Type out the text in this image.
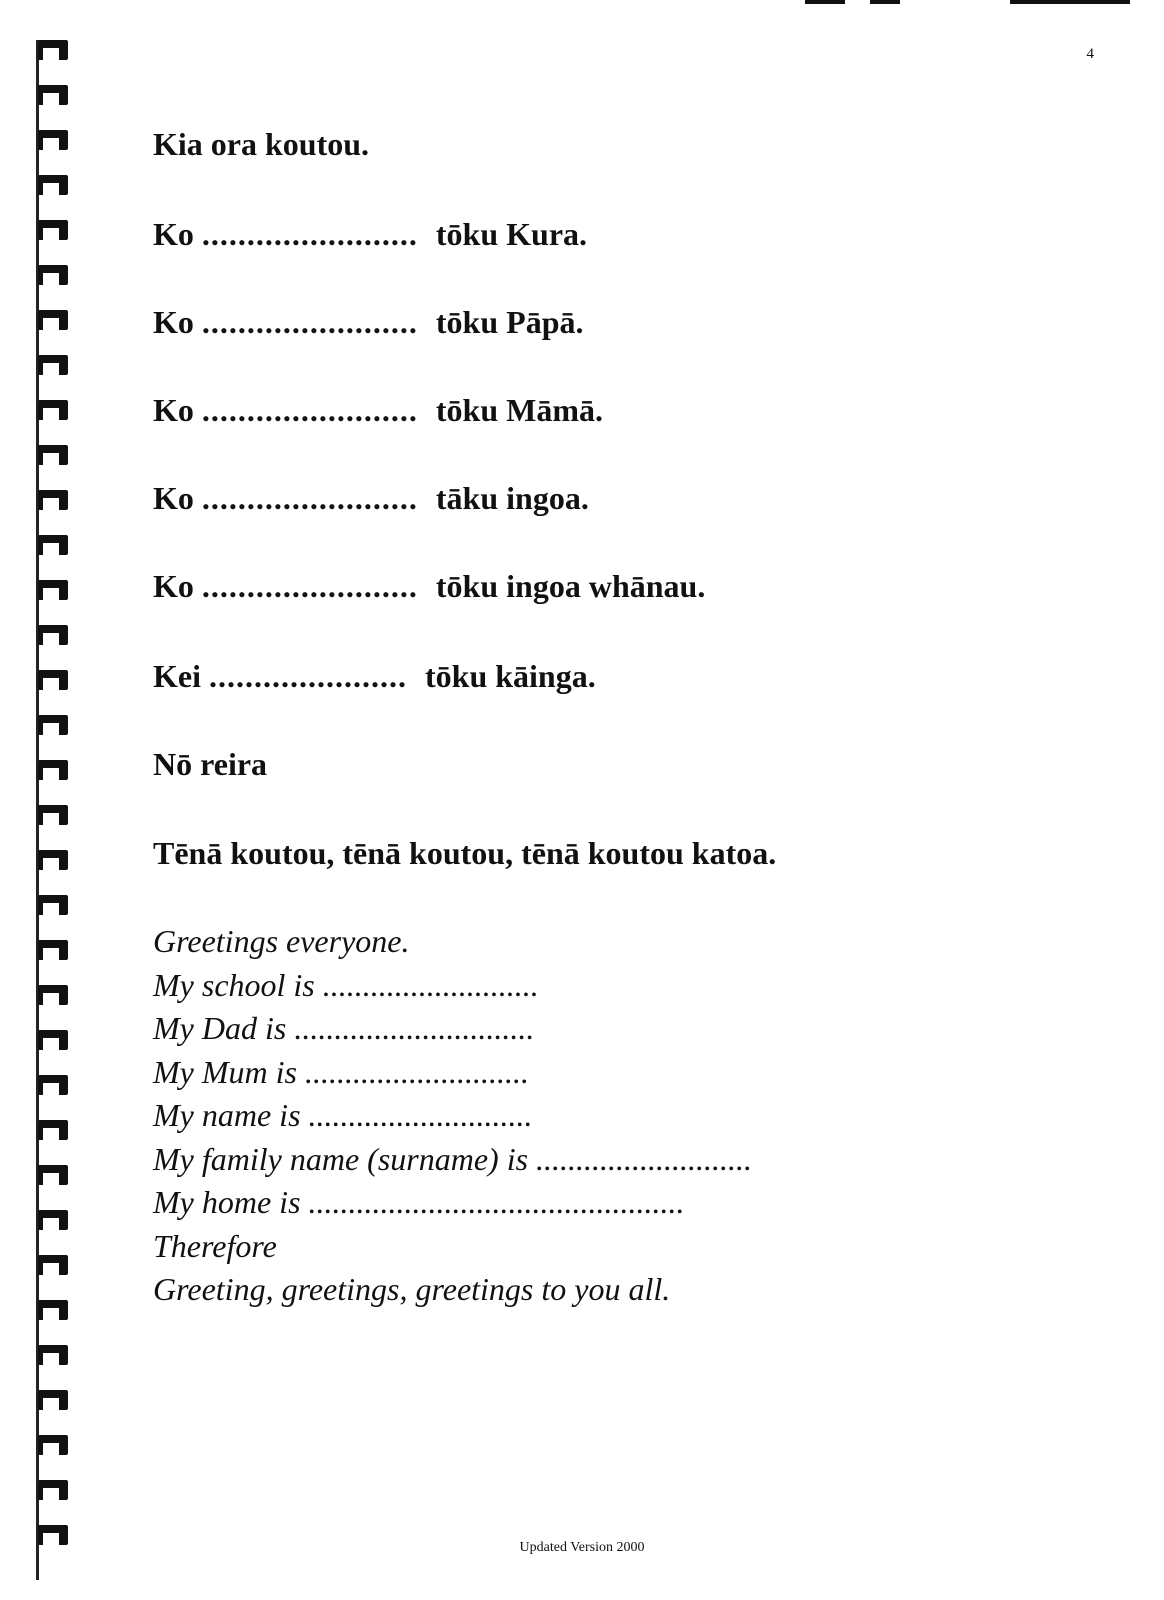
4
Kia ora koutou.
Ko ........................ tōku Kura.
Ko ........................ tōku Pāpā.
Ko ........................ tōku Māmā.
Ko ........................ tāku ingoa.
Ko ........................ tōku ingoa whānau.
Kei ...................... tōku kāinga.
Nō reira
Tēnā koutou, tēnā koutou, tēnā koutou katoa.
Greetings everyone.
My school is ...........................
My Dad is ..............................
My Mum is ............................
My name is ............................
My family name (surname) is ...........................
My home is ...............................................
Therefore
Greeting, greetings, greetings to you all.
Updated Version 2000
